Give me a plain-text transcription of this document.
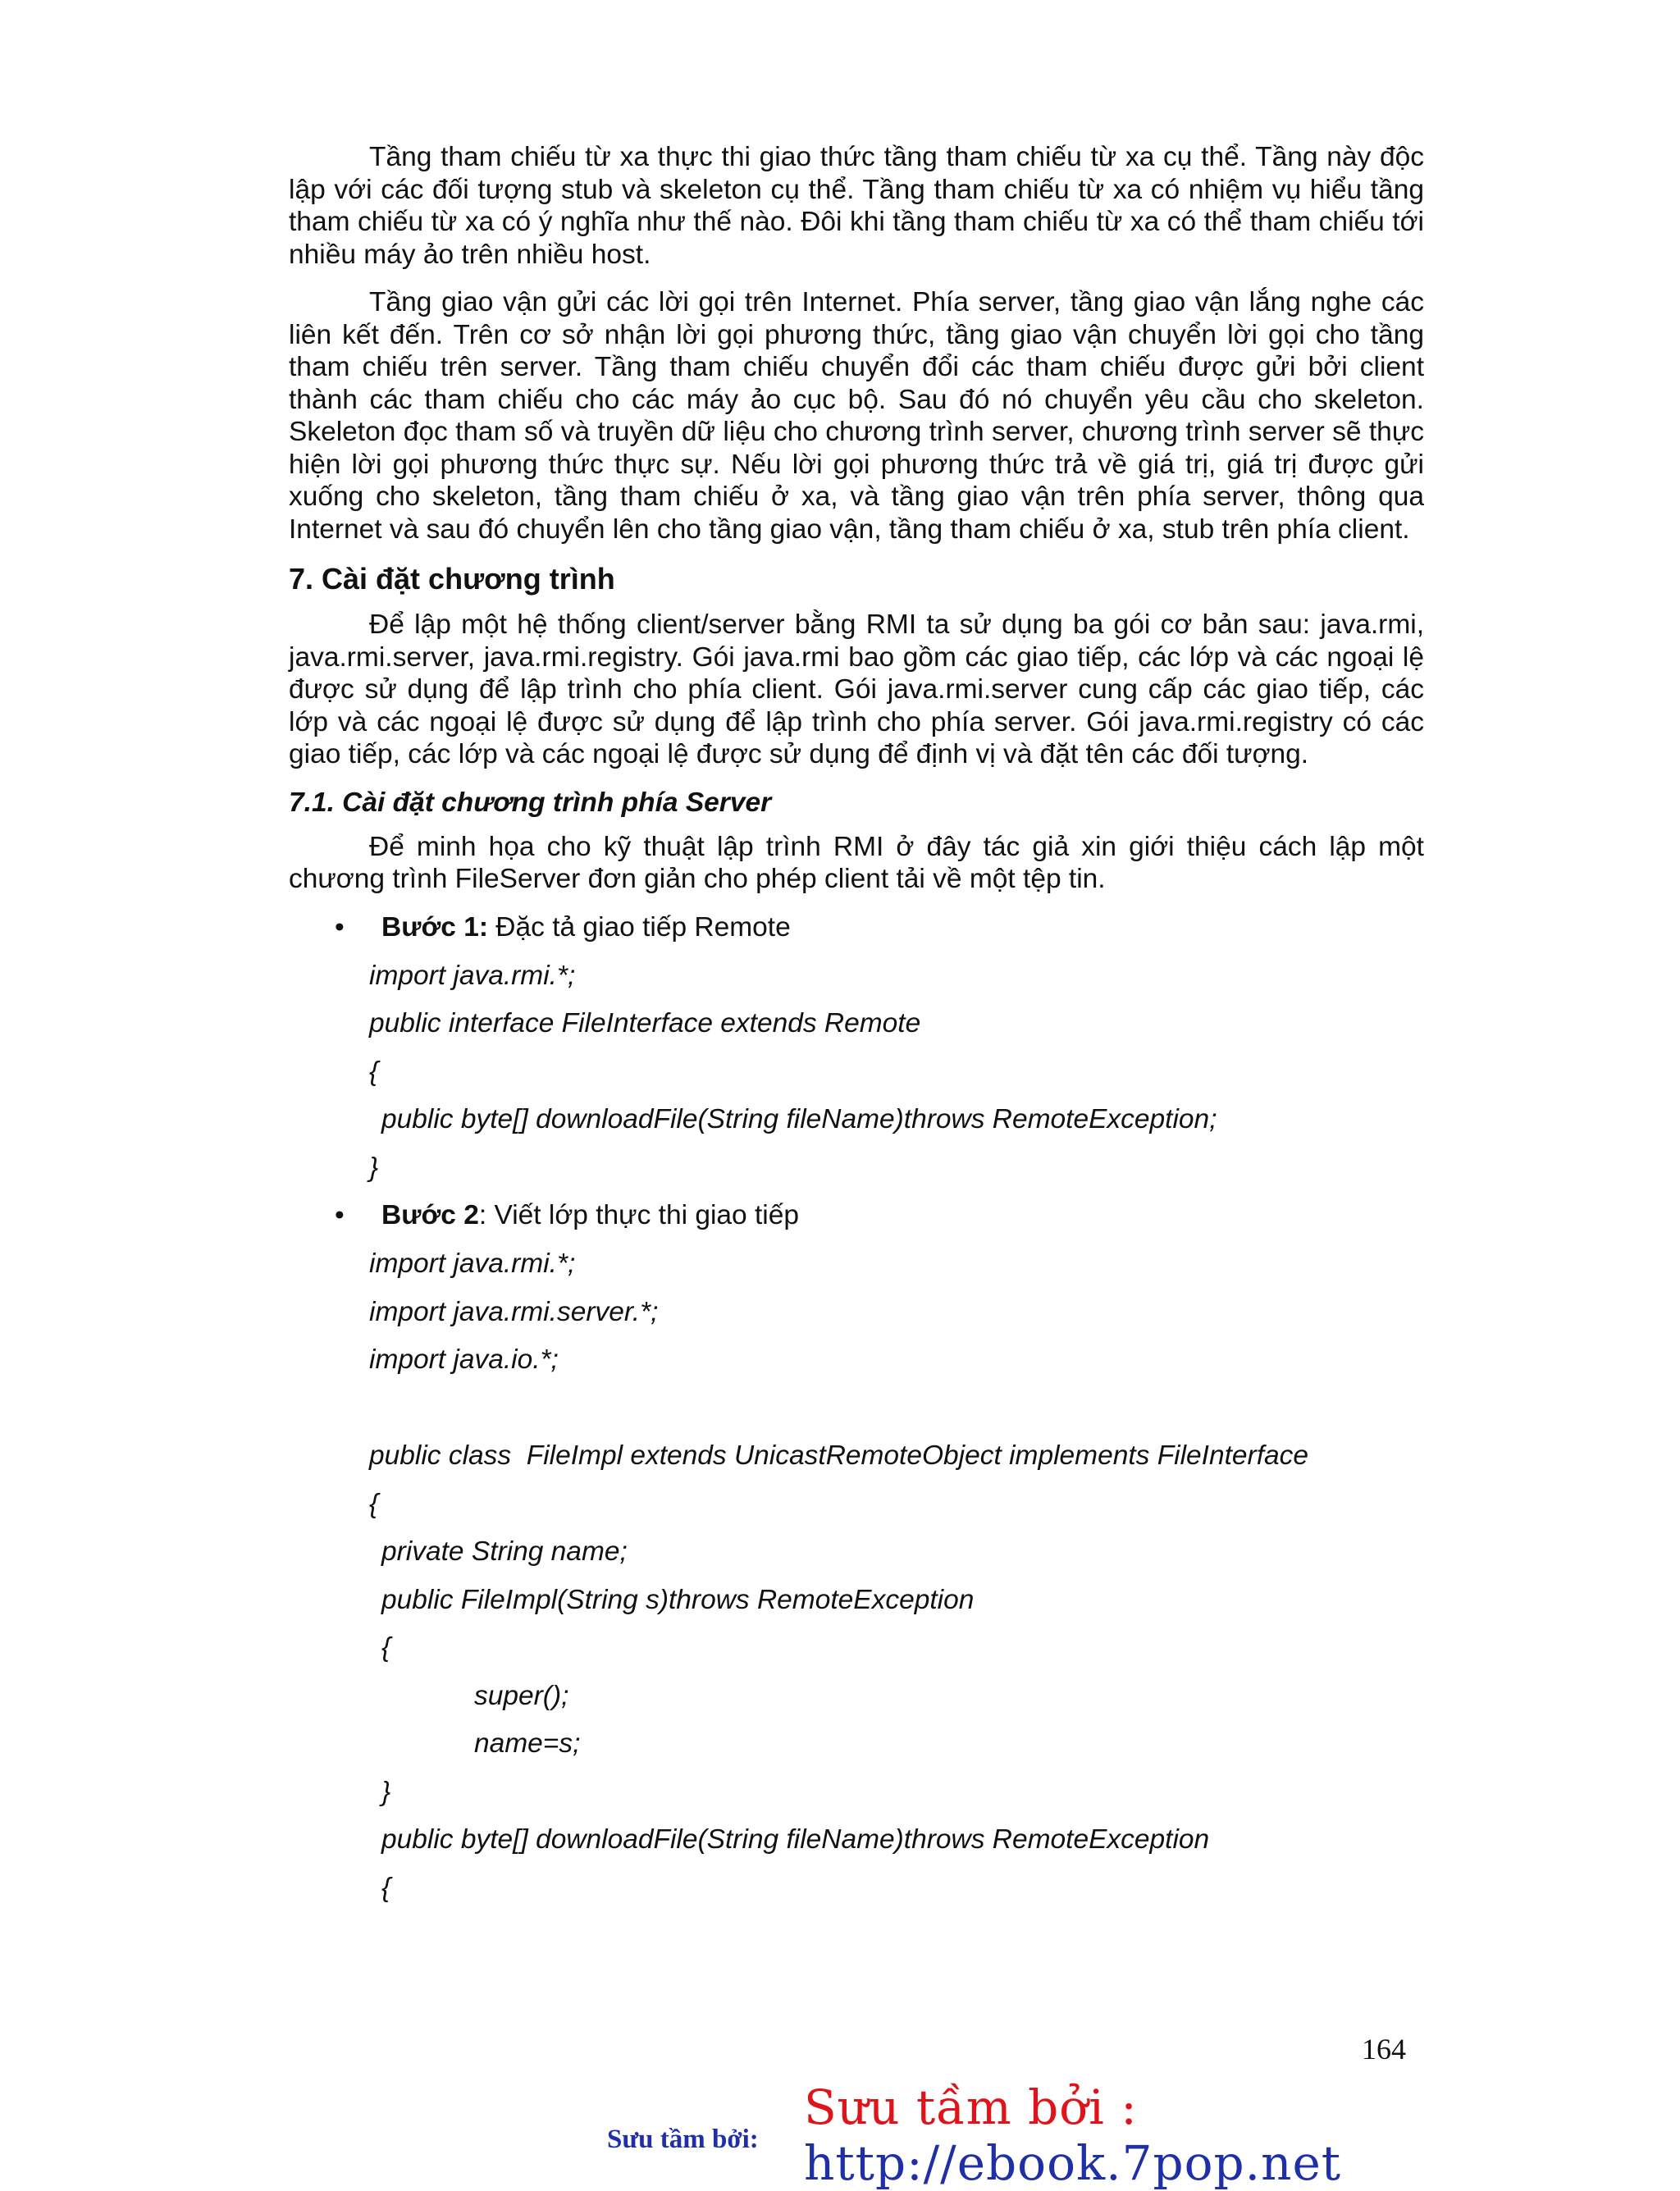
Tầng tham chiếu từ xa thực thi giao thức tầng tham chiếu từ xa cụ thể. Tầng này độc lập với các đối tượng stub và skeleton cụ thể. Tầng tham chiếu từ xa có nhiệm vụ hiểu tầng tham chiếu từ xa có ý nghĩa như thế nào. Đôi khi tầng tham chiếu từ xa có thể tham chiếu tới nhiều máy ảo trên nhiều host.

Tầng giao vận gửi các lời gọi trên Internet. Phía server, tầng giao vận lắng nghe các liên kết đến. Trên cơ sở nhận lời gọi phương thức, tầng giao vận chuyển lời gọi cho tầng tham chiếu trên server. Tầng tham chiếu chuyển đổi các tham chiếu được gửi bởi client thành các tham chiếu cho các máy ảo cục bộ. Sau đó nó chuyển yêu cầu cho skeleton. Skeleton đọc tham số và truyền dữ liệu cho chương trình server, chương trình server sẽ thực hiện lời gọi phương thức thực sự. Nếu lời gọi phương thức trả về giá trị, giá trị được gửi xuống cho skeleton, tầng tham chiếu ở xa, và tầng giao vận trên phía server, thông qua Internet và sau đó chuyển lên cho tầng giao vận, tầng tham chiếu ở xa, stub trên phía client.

7. Cài đặt chương trình

Để lập một hệ thống client/server bằng RMI ta sử dụng ba gói cơ bản sau: java.rmi, java.rmi.server, java.rmi.registry. Gói java.rmi bao gồm các giao tiếp, các lớp và các ngoại lệ được sử dụng để lập trình cho phía client. Gói java.rmi.server cung cấp các giao tiếp, các lớp và các ngoại lệ được sử dụng để lập trình cho phía server. Gói java.rmi.registry có các giao tiếp, các lớp và các ngoại lệ được sử dụng để định vị và đặt tên các đối tượng.

7.1. Cài đặt chương trình phía Server

Để minh họa cho kỹ thuật lập trình RMI ở đây tác giả xin giới thiệu cách lập một chương trình FileServer đơn giản cho phép client tải về một tệp tin.

• Bước 1: Đặc tả giao tiếp Remote
import java.rmi.*;
public interface FileInterface extends Remote
{
public byte[] downloadFile(String fileName)throws RemoteException;
}
• Bước 2: Viết lớp thực thi giao tiếp
import java.rmi.*;
import java.rmi.server.*;
import java.io.*;
public class  FileImpl extends UnicastRemoteObject implements FileInterface
{
private String name;
public FileImpl(String s)throws RemoteException
{
super();
name=s;
}
public byte[] downloadFile(String fileName)throws RemoteException
{
164
Sưu tầm bởi : http://ebook.7pop.net
Sưu tầm bởi:
